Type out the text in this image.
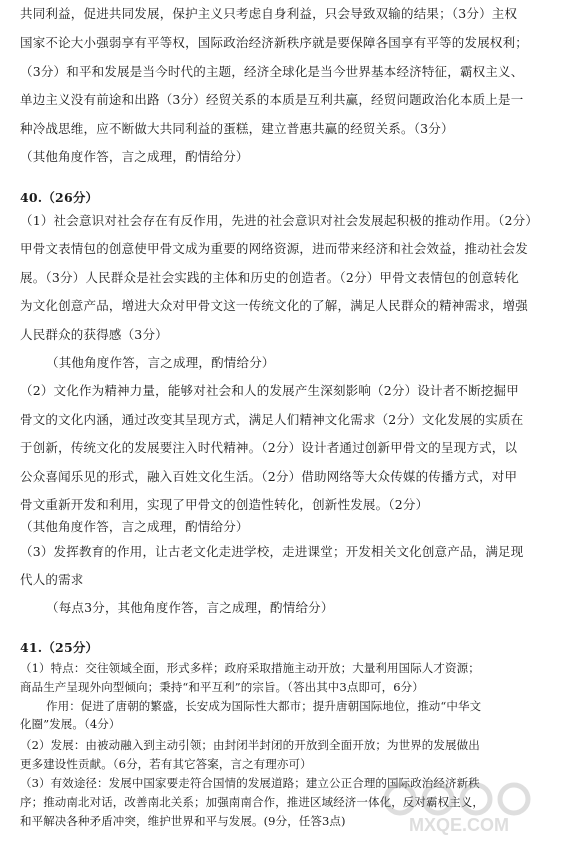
共同利益，促进共同发展，保护主义只考虑自身利益，只会导致双输的结果；（3分）主权
国家不论大小强弱享有平等权，国际政治经济新秩序就是要保障各国享有平等的发展权利；
（3分）和平和发展是当今时代的主题，经济全球化是当今世界基本经济特征，霸权主义、
单边主义没有前途和出路（3分）经贸关系的本质是互利共赢，经贸问题政治化本质上是一
种冷战思维，应不断做大共同利益的蛋糕，建立普惠共赢的经贸关系。（3分）
（其他角度作答，言之成理，酌情给分）
40.（26分）
（1）社会意识对社会存在有反作用，先进的社会意识对社会发展起积极的推动作用。（2分）
甲骨文表情包的创意使甲骨文成为重要的网络资源，进而带来经济和社会效益，推动社会发
展。（3分）人民群众是社会实践的主体和历史的创造者。（2分）甲骨文表情包的创意转化
为文化创意产品，增进大众对甲骨文这一传统文化的了解，满足人民群众的精神需求，增强
人民群众的获得感（3分）
（其他角度作答，言之成理，酌情给分）
（2）文化作为精神力量，能够对社会和人的发展产生深刻影响（2分）设计者不断挖掘甲
骨文的文化内涵，通过改变其呈现方式，满足人们精神文化需求（2分）文化发展的实质在
于创新，传统文化的发展要注入时代精神。（2分）设计者通过创新甲骨文的呈现方式，以
公众喜闻乐见的形式，融入百姓文化生活。（2分）借助网络等大众传媒的传播方式，对甲
骨文重新开发和利用，实现了甲骨文的创造性转化，创新性发展。（2分）
（其他角度作答，言之成理，酌情给分）
（3）发挥教育的作用，让古老文化走进学校，走进课堂；开发相关文化创意产品，满足现
代人的需求
（每点3分，其他角度作答，言之成理，酌情给分）
41.（25分）
（1）特点：交往领域全面，形式多样；政府采取措施主动开放；大量利用国际人才资源；
商品生产呈现外向型倾向；秉持“和平互利”的宗旨。（答出其中3点即可，6分）
作用：促进了唐朝的繁盛，长安成为国际性大都市；提升唐朝国际地位，推动“中华文
化圈”发展。（4分）
（2）发展：由被动融入到主动引领；由封闭半封闭的开放到全面开放；为世界的发展做出
更多建设性贡献。（6分，若有其它答案，言之有理亦可）
（3）有效途径：发展中国家要走符合国情的发展道路；建立公正合理的国际政治经济新秩
序；推动南北对话，改善南北关系；加强南南合作，推进区域经济一体化，反对霸权主义，
和平解决各种矛盾冲突，维护世界和平与发展。(9分，任答3点)	MXQE.COM
